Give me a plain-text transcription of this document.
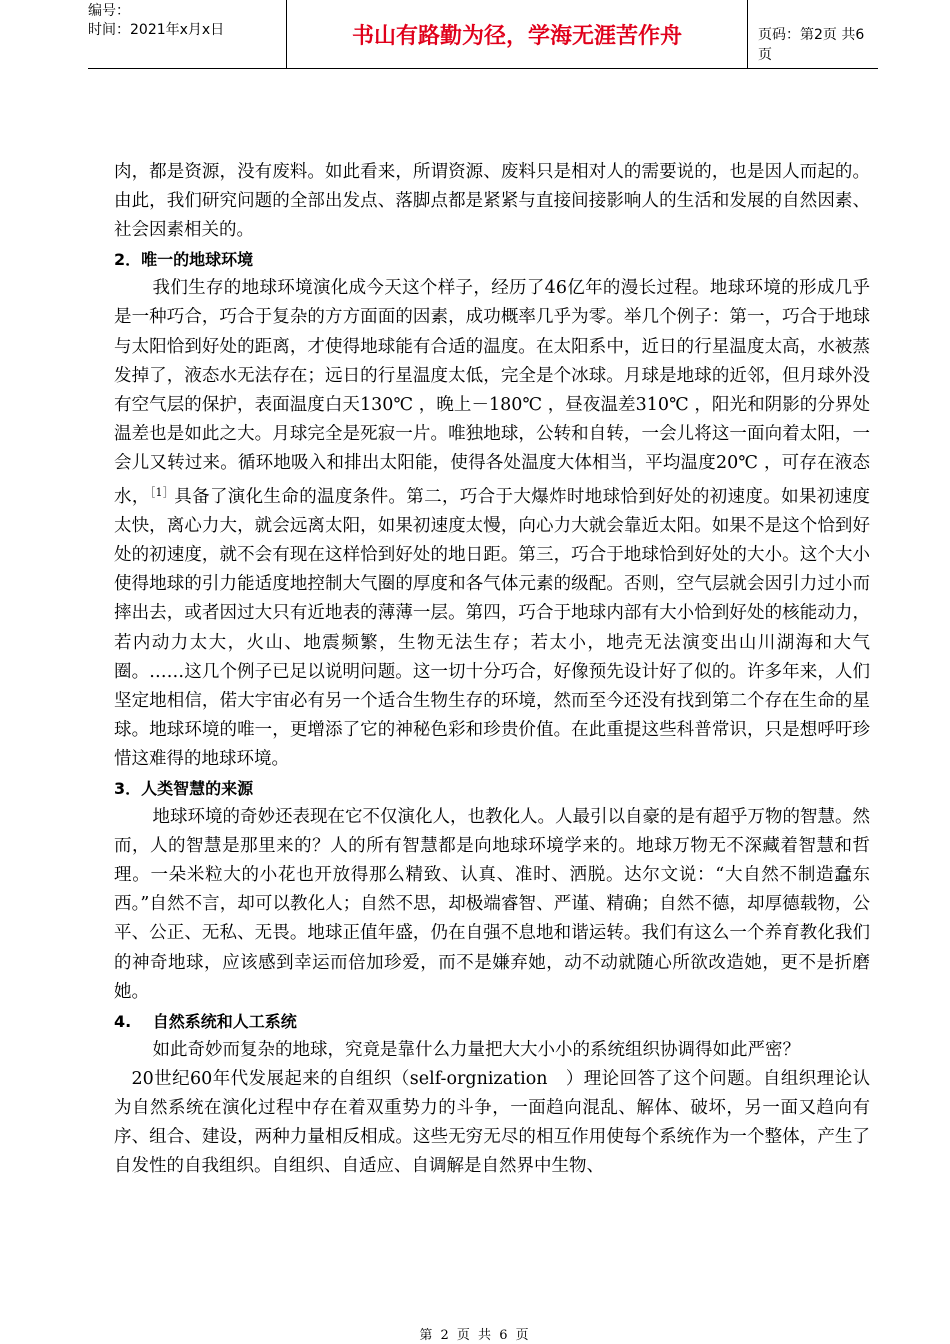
编号：
时间：2021年x月x日	书山有路勤为径，学海无涯苦作舟	页码：第2页 共6页

肉，都是资源，没有废料。如此看来，所谓资源、废料只是相对人的需要说的，也是因人而起的。由此，我们研究问题的全部出发点、落脚点都是紧紧与直接间接影响人的生活和发展的自然因素、社会因素相关的。

2．唯一的地球环境

我们生存的地球环境演化成今天这个样子，经历了46亿年的漫长过程。地球环境的形成几乎是一种巧合，巧合于复杂的方方面面的因素，成功概率几乎为零。举几个例子：第一，巧合于地球与太阳恰到好处的距离，才使得地球能有合适的温度。在太阳系中，近日的行星温度太高，水被蒸发掉了，液态水无法存在；远日的行星温度太低，完全是个冰球。月球是地球的近邻，但月球外没有空气层的保护，表面温度白天130℃ ，晚上－180℃ ，昼夜温差310℃ ，阳光和阴影的分界处温差也是如此之大。月球完全是死寂一片。唯独地球，公转和自转，一会儿将这一面向着太阳，一会儿又转过来。循环地吸入和排出太阳能，使得各处温度大体相当，平均温度20℃ ，可存在液态水，$^{[1]}$具备了演化生命的温度条件。第二，巧合于大爆炸时地球恰到好处的初速度。如果初速度太快，离心力大，就会远离太阳，如果初速度太慢，向心力大就会靠近太阳。如果不是这个恰到好处的初速度，就不会有现在这样恰到好处的地日距。第三，巧合于地球恰到好处的大小。这个大小使得地球的引力能适度地控制大气圈的厚度和各气体元素的级配。否则，空气层就会因引力过小而摔出去，或者因过大只有近地表的薄薄一层。第四，巧合于地球内部有大小恰到好处的核能动力，若内动力太大，火山、地震频繁，生物无法生存；若太小，地壳无法演变出山川湖海和大气圈。……这几个例子已足以说明问题。这一切十分巧合，好像预先设计好了似的。许多年来，人们坚定地相信，偌大宇宙必有另一个适合生物生存的环境，然而至今还没有找到第二个存在生命的星球。地球环境的唯一，更增添了它的神秘色彩和珍贵价值。在此重提这些科普常识，只是想呼吁珍惜这难得的地球环境。

3．人类智慧的来源

地球环境的奇妙还表现在它不仅演化人，也教化人。人最引以自豪的是有超乎万物的智慧。然而，人的智慧是那里来的？人的所有智慧都是向地球环境学来的。地球万物无不深藏着智慧和哲理。一朵米粒大的小花也开放得那么精致、认真、准时、洒脱。达尔文说：“大自然不制造蠢东西。”自然不言，却可以教化人；自然不思，却极端睿智、严谨、精确；自然不德，却厚德载物，公平、公正、无私、无畏。地球正值年盛，仍在自强不息地和谐运转。我们有这么一个养育教化我们的神奇地球，应该感到幸运而倍加珍爱，而不是嫌弃她，动不动就随心所欲改造她，更不是折磨她。

4.　 自然系统和人工系统

如此奇妙而复杂的地球，究竟是靠什么力量把大大小小的系统组织协调得如此严密？

20世纪60年代发展起来的自组织（self-orgnization　）理论回答了这个问题。自组织理论认为自然系统在演化过程中存在着双重势力的斗争，一面趋向混乱、解体、破坏，另一面又趋向有序、组合、建设，两种力量相反相成。这些无穷无尽的相互作用使每个系统作为一个整体，产生了自发性的自我组织。自组织、自适应、自调解是自然界中生物、

第 2 页 共 6 页
